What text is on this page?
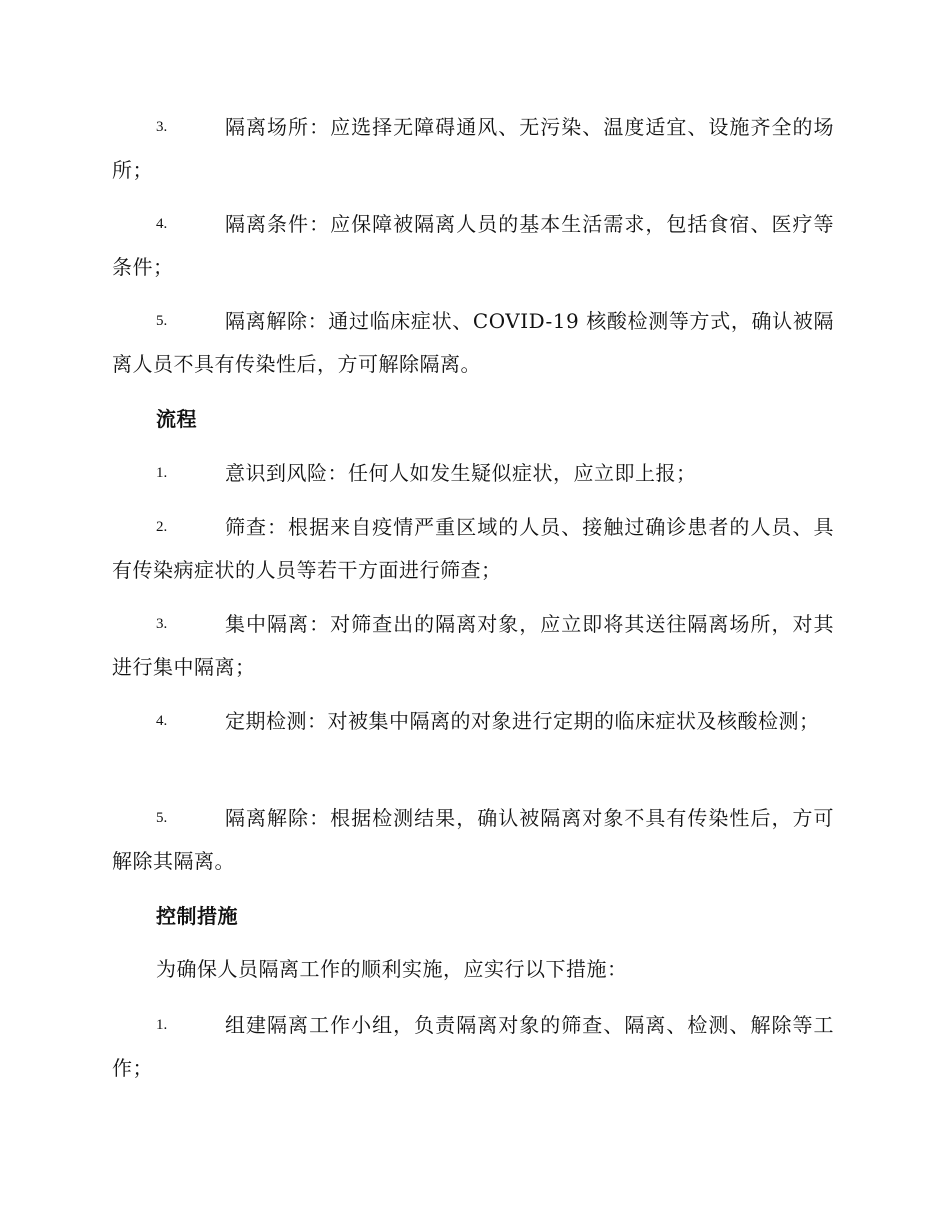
3.	隔离场所：应选择无障碍通风、无污染、温度适宜、设施齐全的场所；

4.	隔离条件：应保障被隔离人员的基本生活需求，包括食宿、医疗等条件；

5.	隔离解除：通过临床症状、COVID-19 核酸检测等方式，确认被隔离人员不具有传染性后，方可解除隔离。

流程

1.	意识到风险：任何人如发生疑似症状，应立即上报；

2.	筛查：根据来自疫情严重区域的人员、接触过确诊患者的人员、具有传染病症状的人员等若干方面进行筛查；

3.	集中隔离：对筛查出的隔离对象，应立即将其送往隔离场所，对其进行集中隔离；

4.	定期检测：对被集中隔离的对象进行定期的临床症状及核酸检测；

5.	隔离解除：根据检测结果，确认被隔离对象不具有传染性后，方可解除其隔离。

控制措施

为确保人员隔离工作的顺利实施，应实行以下措施：

1.	组建隔离工作小组，负责隔离对象的筛查、隔离、检测、解除等工作；
